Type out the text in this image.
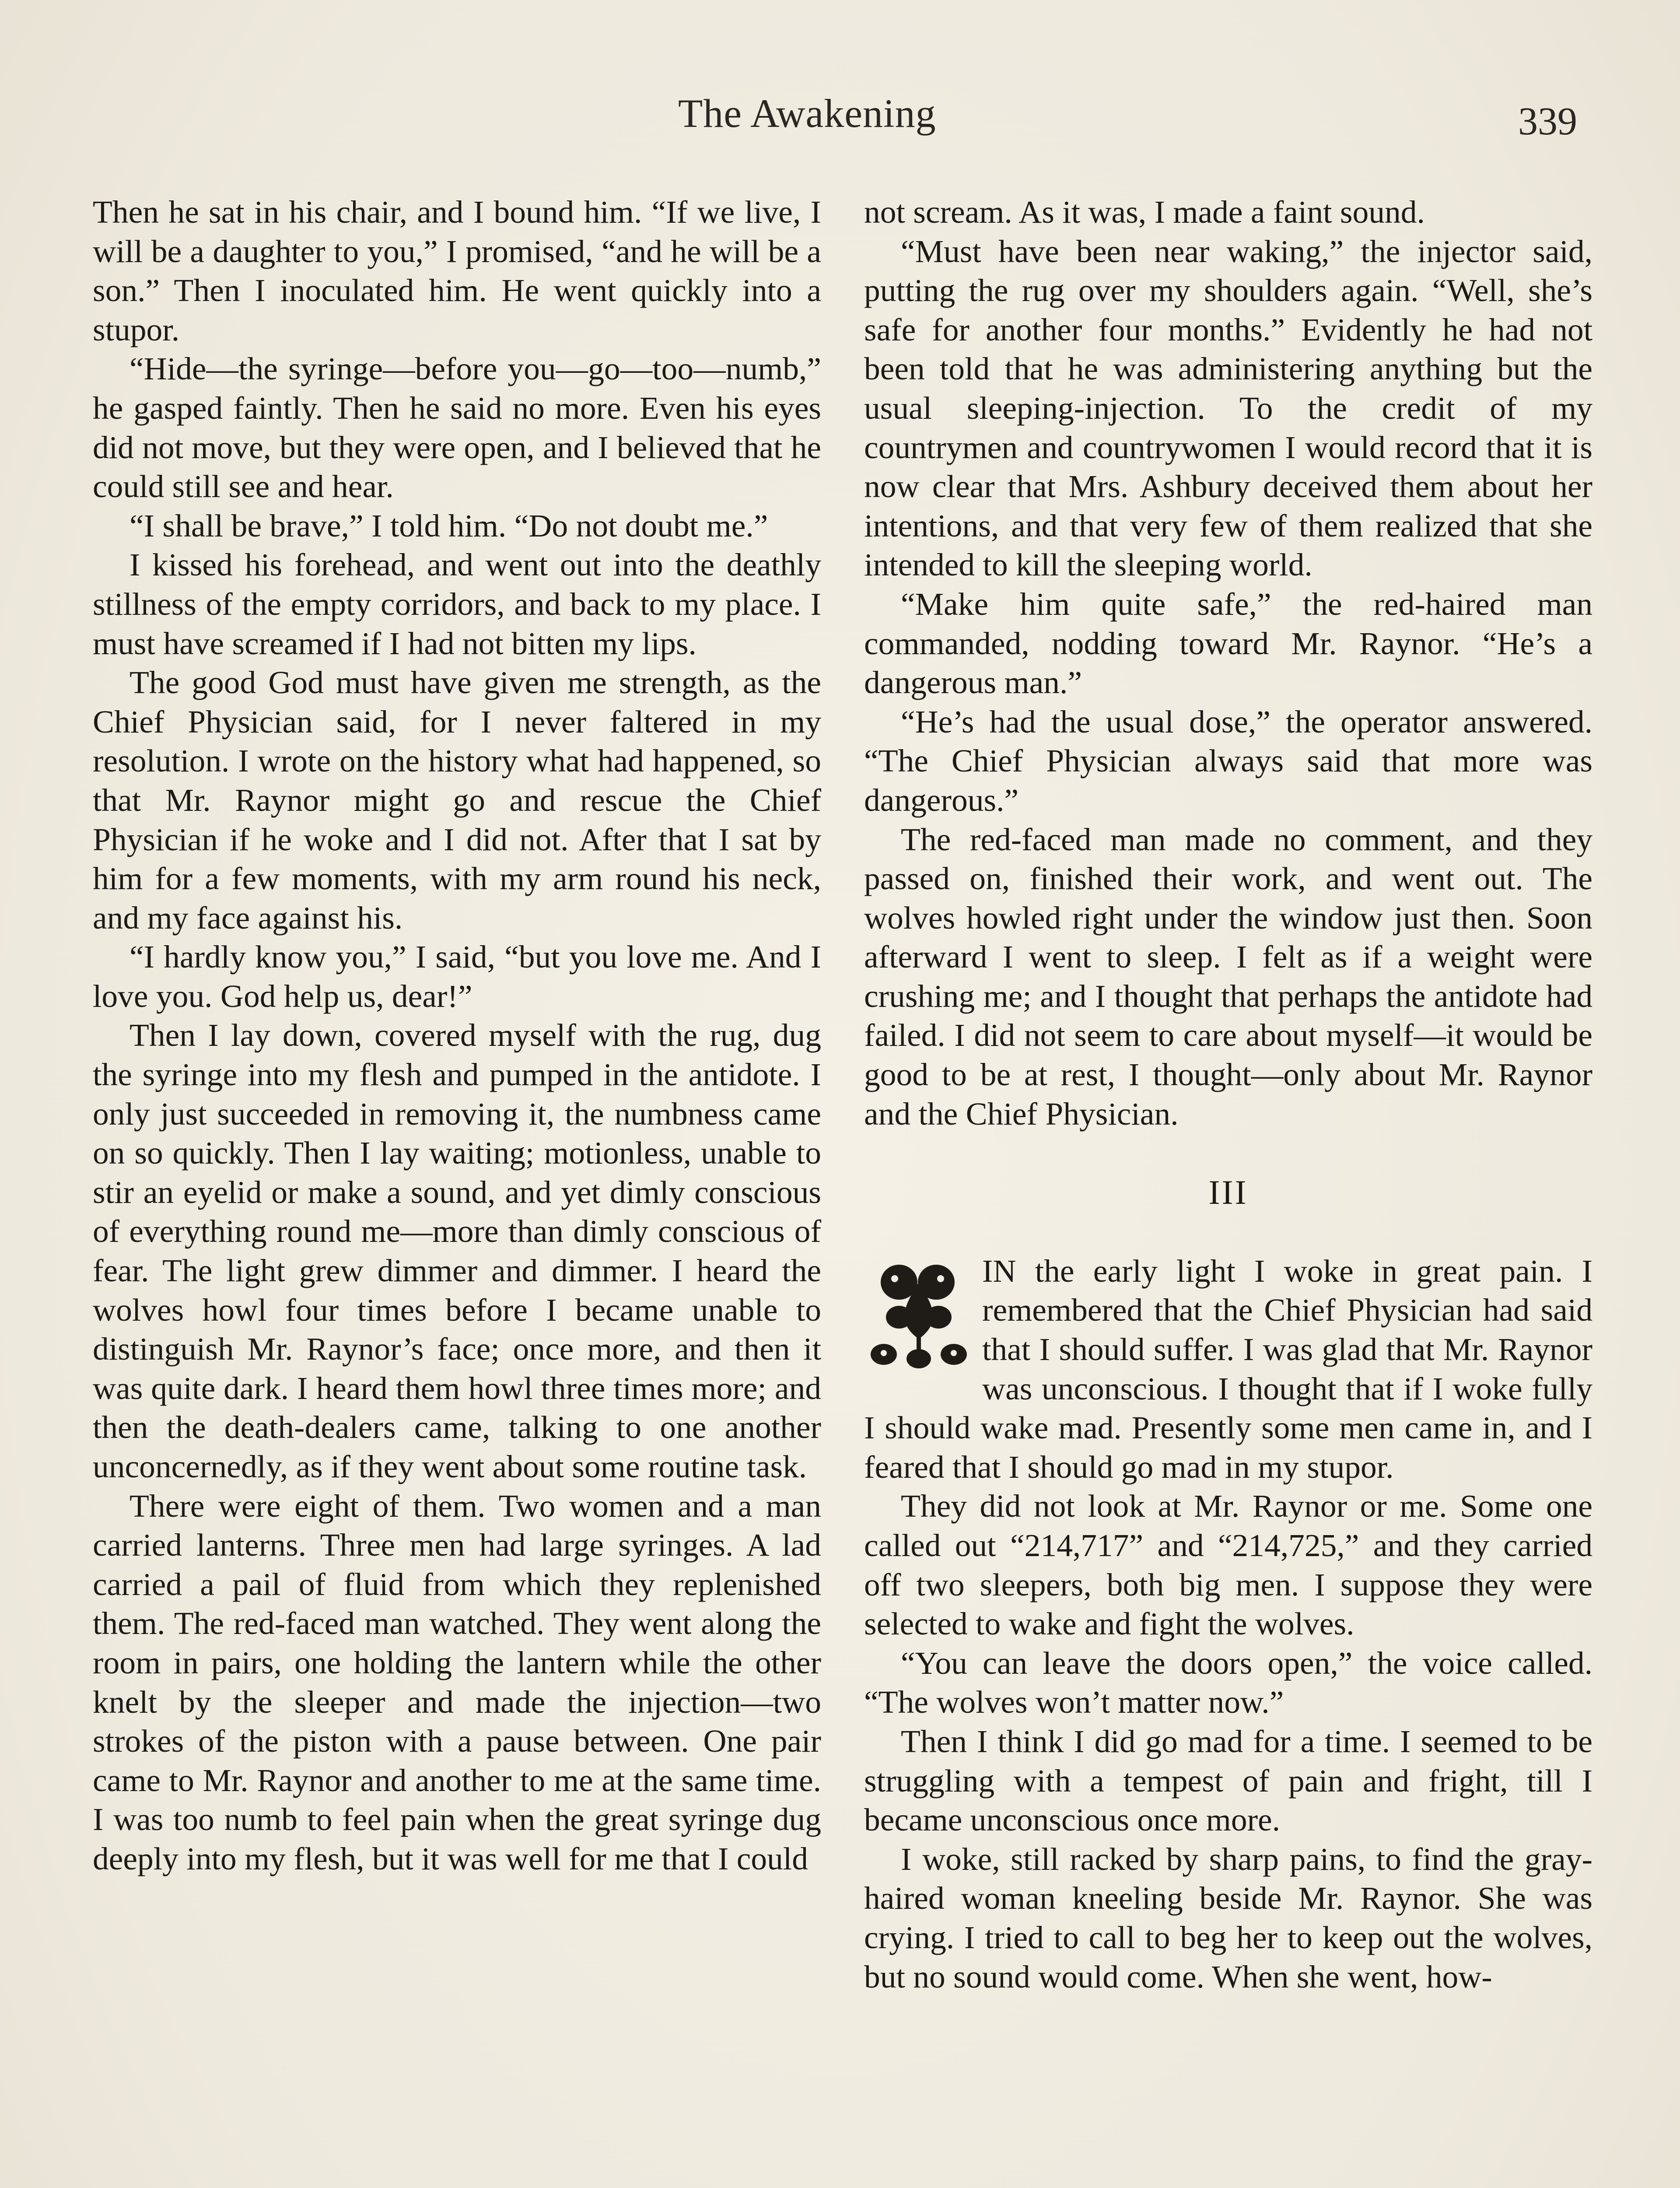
The Awakening	339

Then he sat in his chair, and I bound him. “If we live, I will be a daughter to you,” I promised, “and he will be a son.” Then I inoculated him. He went quickly into a stupor.

“Hide—the syringe—before you—go—too—numb,” he gasped faintly. Then he said no more. Even his eyes did not move, but they were open, and I believed that he could still see and hear.

“I shall be brave,” I told him. “Do not doubt me.”

I kissed his forehead, and went out into the deathly stillness of the empty corridors, and back to my place. I must have screamed if I had not bitten my lips.

The good God must have given me strength, as the Chief Physician said, for I never faltered in my resolution. I wrote on the history what had happened, so that Mr. Raynor might go and rescue the Chief Physician if he woke and I did not. After that I sat by him for a few moments, with my arm round his neck, and my face against his.

“I hardly know you,” I said, “but you love me. And I love you. God help us, dear!”

Then I lay down, covered myself with the rug, dug the syringe into my flesh and pumped in the antidote. I only just succeeded in removing it, the numbness came on so quickly. Then I lay waiting; motionless, unable to stir an eyelid or make a sound, and yet dimly conscious of everything round me—more than dimly conscious of fear. The light grew dimmer and dimmer. I heard the wolves howl four times before I became unable to distinguish Mr. Raynor’s face; once more, and then it was quite dark. I heard them howl three times more; and then the death-dealers came, talking to one another unconcernedly, as if they went about some routine task.

There were eight of them. Two women and a man carried lanterns. Three men had large syringes. A lad carried a pail of fluid from which they replenished them. The red-faced man watched. They went along the room in pairs, one holding the lantern while the other knelt by the sleeper and made the injection—two strokes of the piston with a pause between. One pair came to Mr. Raynor and another to me at the same time. I was too numb to feel pain when the great syringe dug deeply into my flesh, but it was well for me that I could

not scream. As it was, I made a faint sound.

“Must have been near waking,” the injector said, putting the rug over my shoulders again. “Well, she’s safe for another four months.” Evidently he had not been told that he was administering anything but the usual sleeping-injection. To the credit of my countrymen and countrywomen I would record that it is now clear that Mrs. Ashbury deceived them about her intentions, and that very few of them realized that she intended to kill the sleeping world.

“Make him quite safe,” the red-haired man commanded, nodding toward Mr. Raynor. “He’s a dangerous man.”

“He’s had the usual dose,” the operator answered. “The Chief Physician always said that more was dangerous.”

The red-faced man made no comment, and they passed on, finished their work, and went out. The wolves howled right under the window just then. Soon afterward I went to sleep. I felt as if a weight were crushing me; and I thought that perhaps the antidote had failed. I did not seem to care about myself—it would be good to be at rest, I thought—only about Mr. Raynor and the Chief Physician.

III

IN the early light I woke in great pain. I remembered that the Chief Physician had said that I should suffer. I was glad that Mr. Raynor was unconscious. I thought that if I woke fully I should wake mad. Presently some men came in, and I feared that I should go mad in my stupor.

They did not look at Mr. Raynor or me. Some one called out “214,717” and “214,725,” and they carried off two sleepers, both big men. I suppose they were selected to wake and fight the wolves.

“You can leave the doors open,” the voice called. “The wolves won’t matter now.”

Then I think I did go mad for a time. I seemed to be struggling with a tempest of pain and fright, till I became unconscious once more.

I woke, still racked by sharp pains, to find the gray-haired woman kneeling beside Mr. Raynor. She was crying. I tried to call to beg her to keep out the wolves, but no sound would come. When she went, how-
